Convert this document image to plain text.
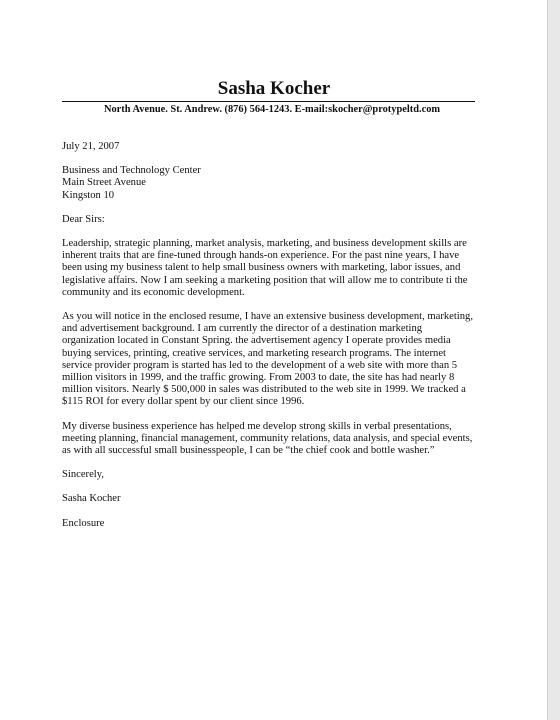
Sasha Kocher
North Avenue. St. Andrew. (876) 564-1243. E-mail:skocher@protypeltd.com
July 21, 2007
Business and Technology Center
Main Street Avenue
Kingston 10
Dear Sirs:

Leadership, strategic planning, market analysis, marketing, and business development skills are
inherent traits that are fine-tuned through hands-on experience. For the past nine years, I have
been using my business talent to help small business owners with marketing, labor issues, and
legislative affairs. Now I am seeking a marketing position that will allow me to contribute ti the
community and its economic development.

As you will notice in the enclosed resume, I have an extensive business development, marketing,
and advertisement background. I am currently the director of a destination marketing
organization located in Constant Spring. the advertisement agency I operate provides media
buying services, printing, creative services, and marketing research programs. The internet
service provider program is started has led to the development of a web site with more than 5
million visitors in 1999, and the traffic growing. From 2003 to date, the site has had nearly 8
million visitors. Nearly $ 500,000 in sales was distributed to the web site in 1999. We tracked a
$115 ROI for every dollar spent by our client since 1996.

My diverse business experience has helped me develop strong skills in verbal presentations,
meeting planning, financial management, community relations, data analysis, and special events,
as with all successful small businesspeople, I can be “the chief cook and bottle washer.”

Sincerely,
Sasha Kocher
Enclosure
